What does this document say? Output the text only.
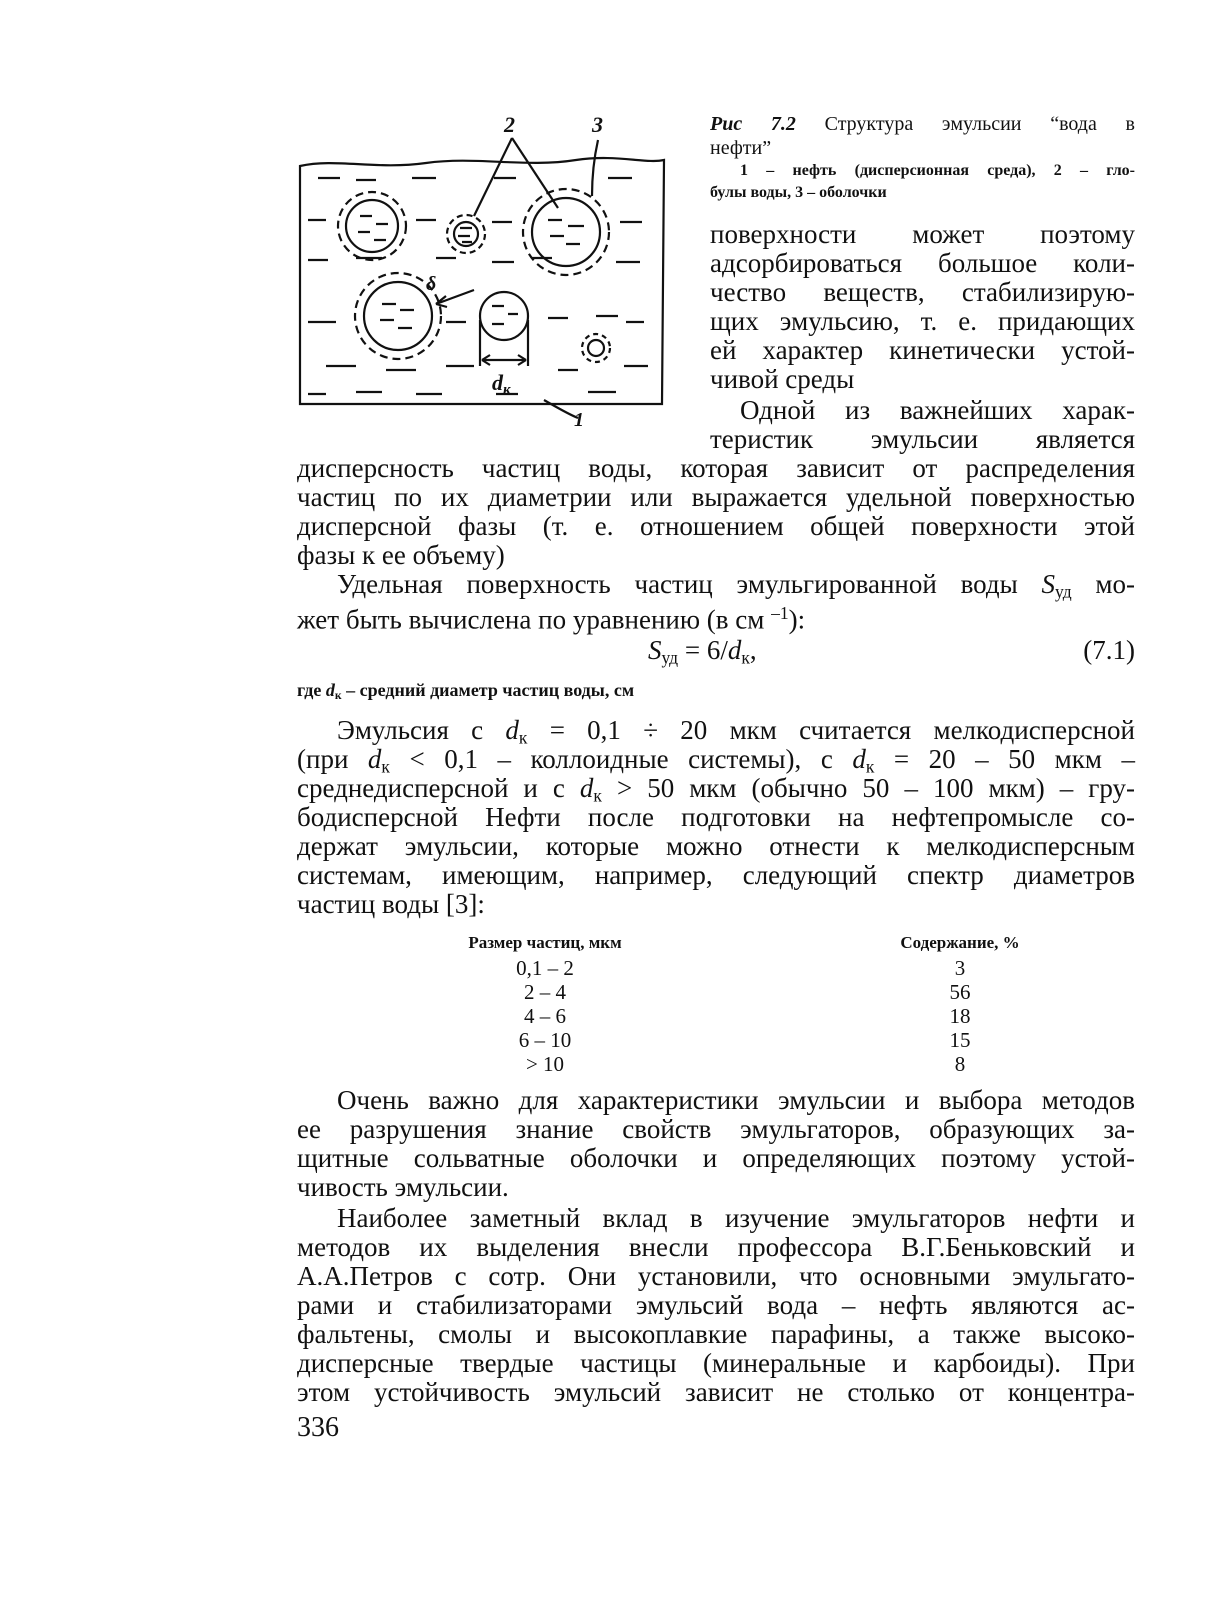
2	3
δ
dк
1
Рис 7.2 Структура эмульсии “вода в
нефти”
1 – нефть (дисперсионная среда), 2 – гло-
булы воды, 3 – оболочки
поверхности может поэтому
адсорбироваться большое коли-
чество веществ, стабилизирую-
щих эмульсию, т. е. придающих
ей характер кинетически устой-
чивой среды
Одной из важнейших харак-
теристик эмульсии является
дисперсность частиц воды, которая зависит от распределения
частиц по их диаметрии или выражается удельной поверхностью
дисперсной фазы (т. е. отношением общей поверхности этой
фазы к ее объему)
Удельная поверхность частиц эмульгированной воды $S_{уд}$ мо-
жет быть вычислена по уравнению (в см $^{-1}$):
$S_{уд} = 6/d_к$,	(7.1)
где $d_к$ – средний диаметр частиц воды, см
Эмульсия с $d_к = 0,1 \div 20$ мкм считается мелкодисперсной
(при $d_к < 0,1$ – коллоидные системы), с $d_к = 20 - 50$ мкм –
среднедисперсной и с $d_к > 50$ мкм (обычно 50 – 100 мкм) – гру-
бодисперсной Нефти после подготовки на нефтепромысле со-
держат эмульсии, которые можно отнести к мелкодисперсным
системам, имеющим, например, следующий спектр диаметров
частиц воды [3]:
Размер частиц, мкм	Содержание, %
0,1 – 2	3
2 – 4	56
4 – 6	18
6 – 10	15
> 10	8
Очень важно для характеристики эмульсии и выбора методов
ее разрушения знание свойств эмульгаторов, образующих за-
щитные сольватные оболочки и определяющих поэтому устой-
чивость эмульсии.
Наиболее заметный вклад в изучение эмульгаторов нефти и
методов их выделения внесли профессора В.Г.Беньковский и
А.А.Петров с сотр. Они установили, что основными эмульгато-
рами и стабилизаторами эмульсий вода – нефть являются ас-
фальтены, смолы и высокоплавкие парафины, а также высоко-
дисперсные твердые частицы (минеральные и карбоиды). При
этом устойчивость эмульсий зависит не столько от концентра-
336
